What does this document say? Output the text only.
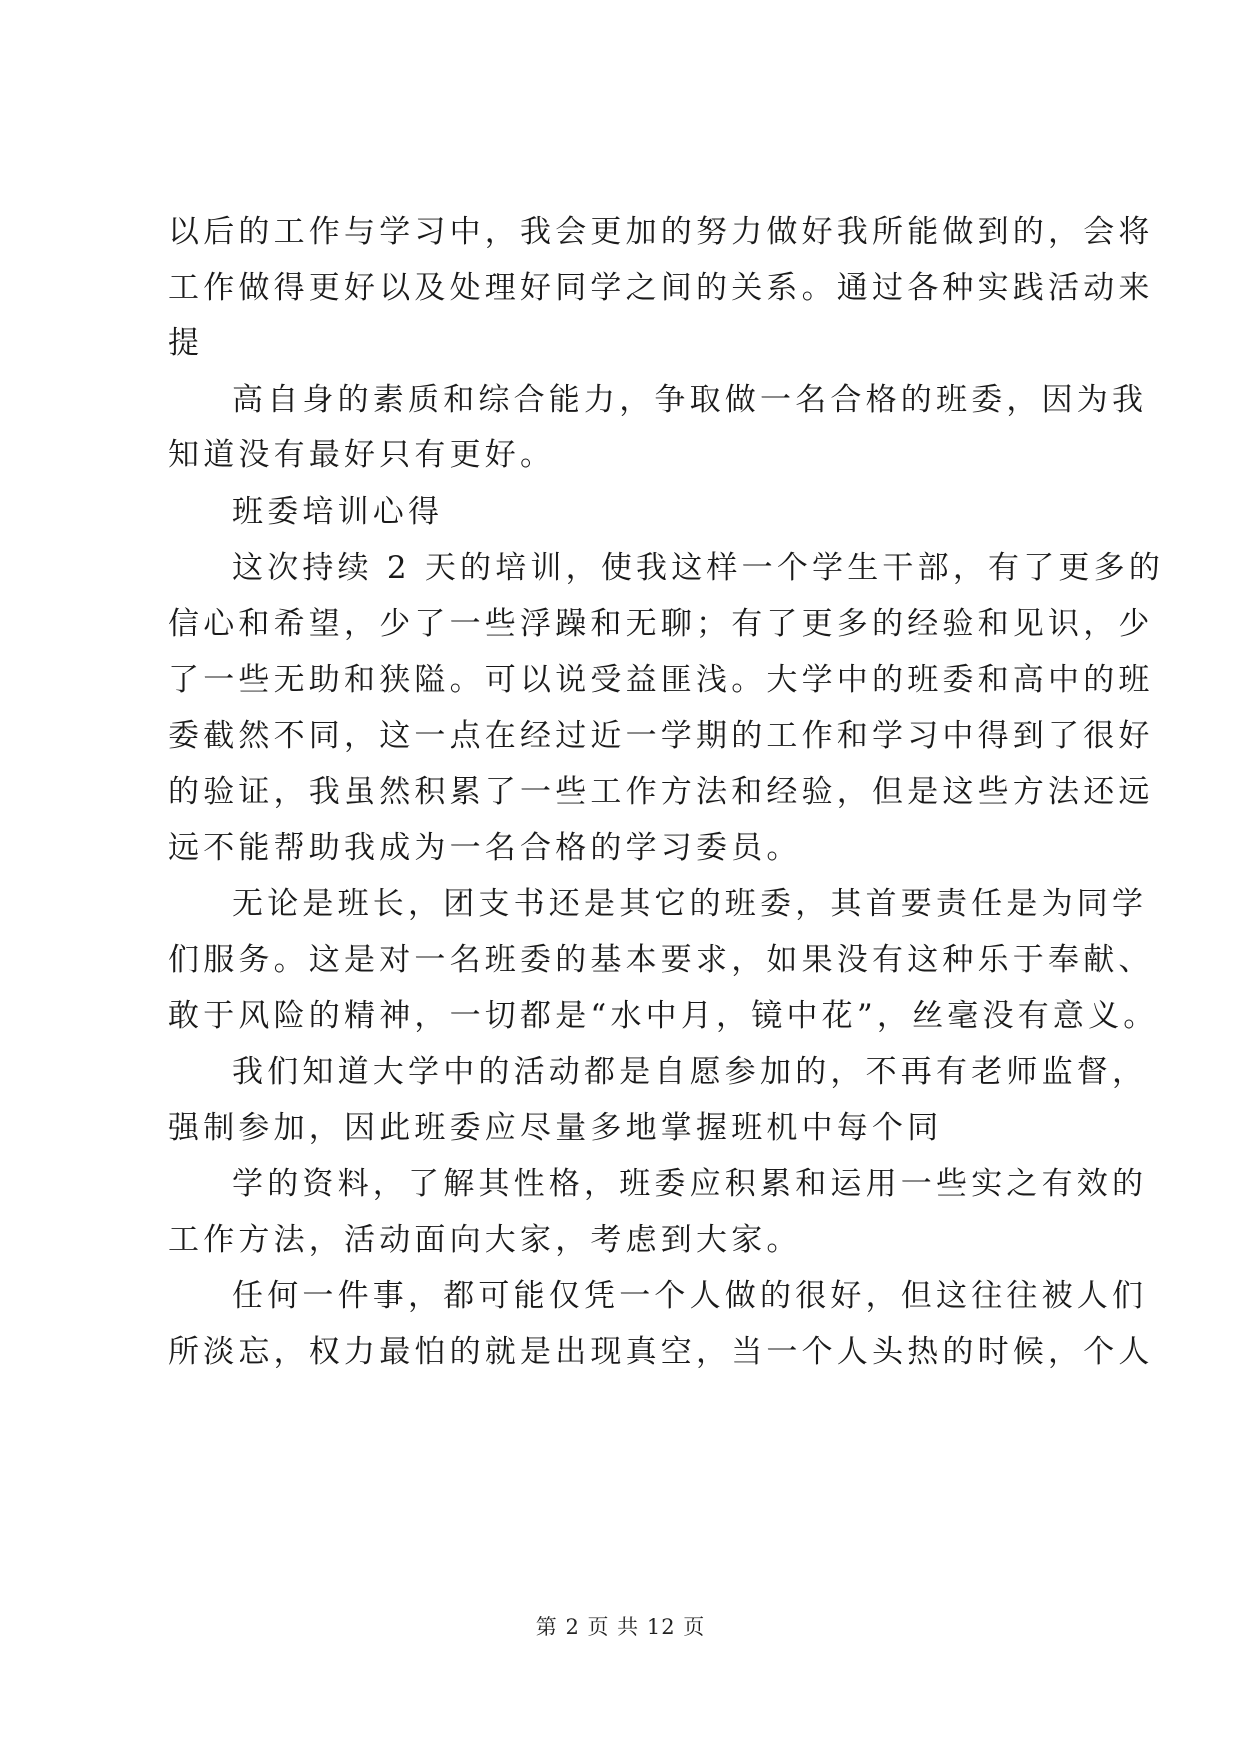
以后的工作与学习中，我会更加的努力做好我所能做到的，会将
工作做得更好以及处理好同学之间的关系。通过各种实践活动来
提
高自身的素质和综合能力，争取做一名合格的班委，因为我
知道没有最好只有更好。
班委培训心得
这次持续 2 天的培训，使我这样一个学生干部，有了更多的
信心和希望，少了一些浮躁和无聊；有了更多的经验和见识，少
了一些无助和狭隘。可以说受益匪浅。大学中的班委和高中的班
委截然不同，这一点在经过近一学期的工作和学习中得到了很好
的验证，我虽然积累了一些工作方法和经验，但是这些方法还远
远不能帮助我成为一名合格的学习委员。
无论是班长，团支书还是其它的班委，其首要责任是为同学
们服务。这是对一名班委的基本要求，如果没有这种乐于奉献、
敢于风险的精神，一切都是“水中月，镜中花”，丝毫没有意义。
我们知道大学中的活动都是自愿参加的，不再有老师监督，
强制参加，因此班委应尽量多地掌握班机中每个同
学的资料，了解其性格，班委应积累和运用一些实之有效的
工作方法，活动面向大家，考虑到大家。
任何一件事，都可能仅凭一个人做的很好，但这往往被人们
所淡忘，权力最怕的就是出现真空，当一个人头热的时候，个人
第 2 页 共 12 页
